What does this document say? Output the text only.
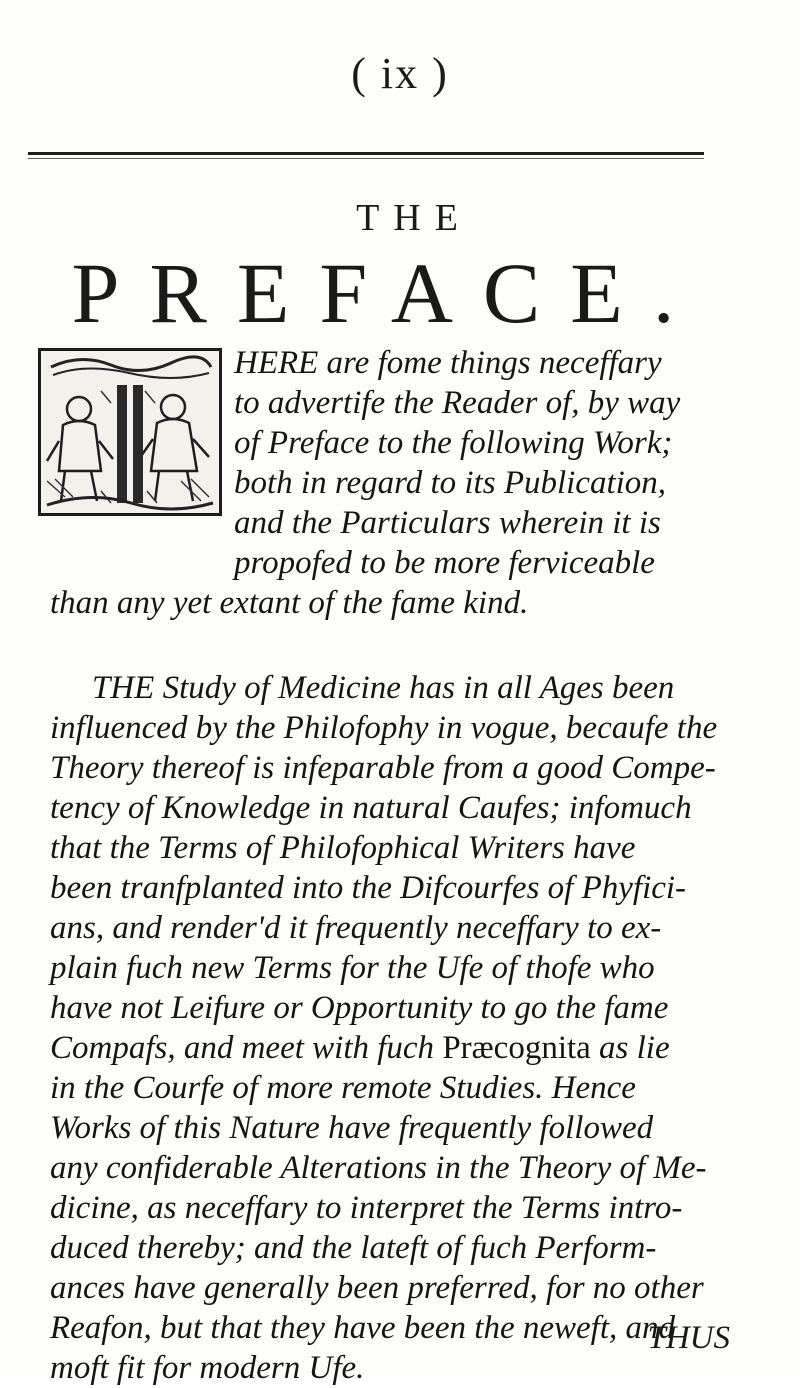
( ix )
THE
PREFACE.
HERE are fome things neceffary
to advertife the Reader of, by way
of Preface to the following Work;
both in regard to its Publication,
and the Particulars wherein it is
propofed to be more ferviceable
than any yet extant of the fame kind.
THE Study of Medicine has in all Ages been
influenced by the Philofophy in vogue, becaufe the
Theory thereof is infeparable from a good Compe-
tency of Knowledge in natural Caufes; infomuch
that the Terms of Philofophical Writers have
been tranfplanted into the Difcourfes of Phyfici-
ans, and render'd it frequently neceffary to ex-
plain fuch new Terms for the Ufe of thofe who
have not Leifure or Opportunity to go the fame
Compafs, and meet with fuch Præcognita as lie
in the Courfe of more remote Studies. Hence
Works of this Nature have frequently followed
any confiderable Alterations in the Theory of Me-
dicine, as neceffary to interpret the Terms intro-
duced thereby; and the lateft of fuch Perform-
ances have generally been preferred, for no other
Reafon, but that they have been the neweft, and
moft fit for modern Ufe.
THUS
